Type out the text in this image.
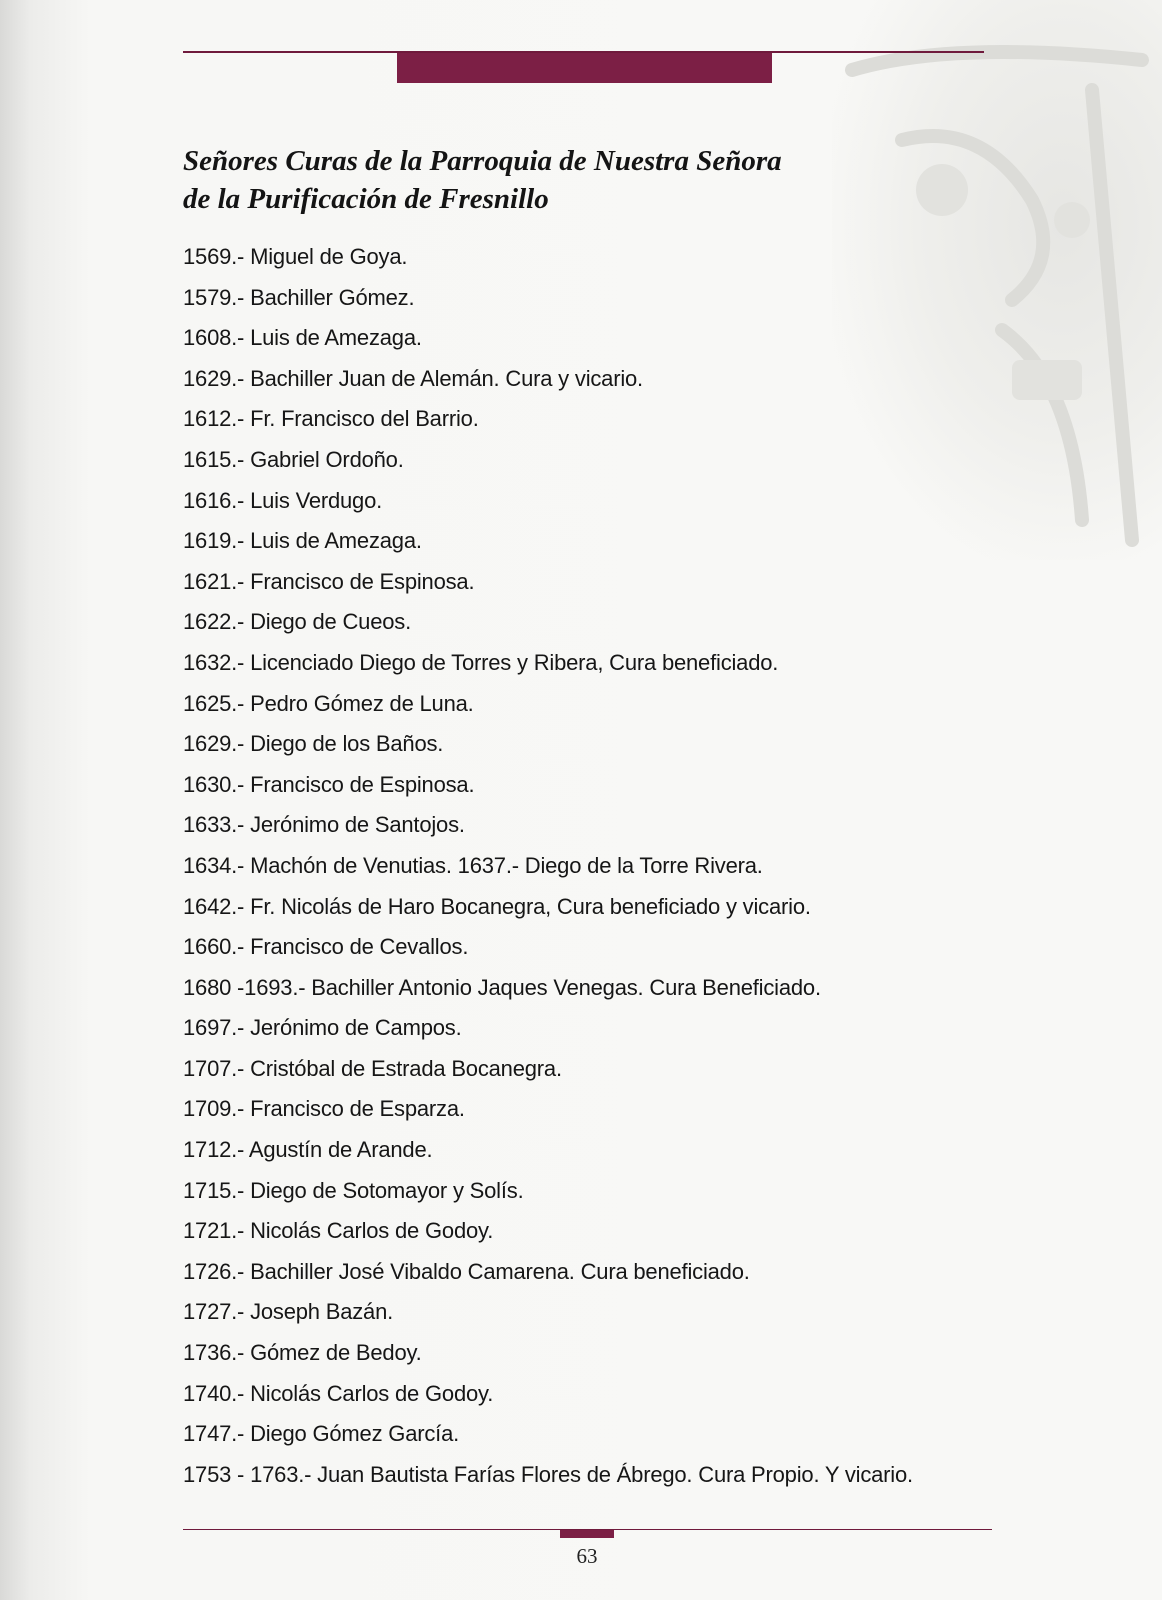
Señores Curas de la Parroquia de Nuestra Señora
de la Purificación de Fresnillo
1569.- Miguel de Goya.
1579.- Bachiller Gómez.
1608.- Luis de Amezaga.
1629.- Bachiller Juan de Alemán. Cura y vicario.
1612.- Fr. Francisco del Barrio.
1615.- Gabriel Ordoño.
1616.- Luis Verdugo.
1619.- Luis de Amezaga.
1621.- Francisco de Espinosa.
1622.- Diego de Cueos.
1632.- Licenciado Diego de Torres y Ribera, Cura beneficiado.
1625.- Pedro Gómez de Luna.
1629.- Diego de los Baños.
1630.- Francisco de Espinosa.
1633.- Jerónimo de Santojos.
1634.- Machón de Venutias. 1637.- Diego de la Torre Rivera.
1642.- Fr. Nicolás de Haro Bocanegra, Cura beneficiado y vicario.
1660.- Francisco de Cevallos.
1680 -1693.- Bachiller Antonio Jaques Venegas. Cura Beneficiado.
1697.- Jerónimo de Campos.
1707.- Cristóbal de Estrada Bocanegra.
1709.- Francisco de Esparza.
1712.- Agustín de Arande.
1715.- Diego de Sotomayor y Solís.
1721.- Nicolás Carlos de Godoy.
1726.- Bachiller José Vibaldo Camarena. Cura beneficiado.
1727.- Joseph Bazán.
1736.- Gómez de Bedoy.
1740.- Nicolás Carlos de Godoy.
1747.- Diego Gómez García.
1753 - 1763.- Juan Bautista Farías Flores de Ábrego. Cura Propio. Y vicario.
63
